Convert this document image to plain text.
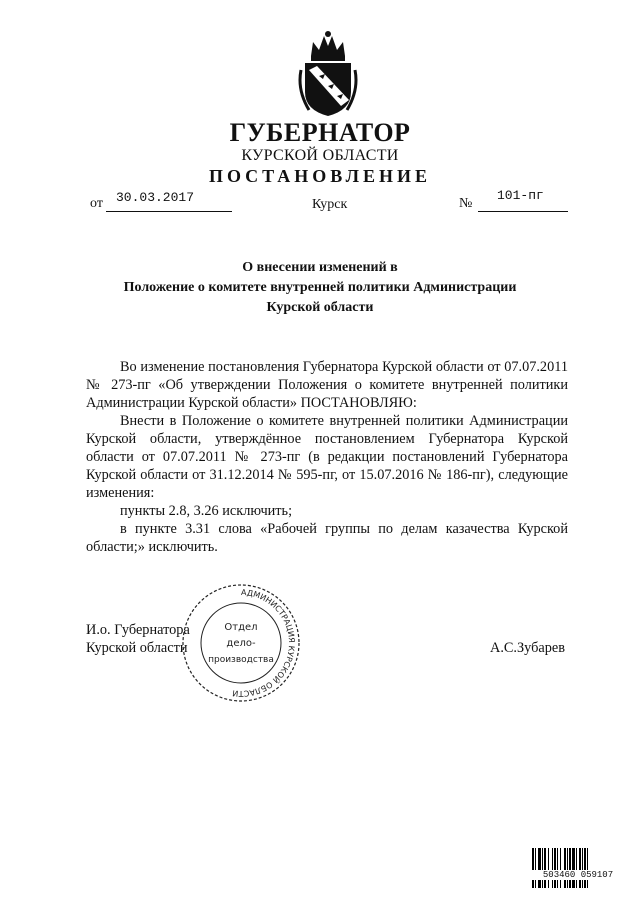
ГУБЕРНАТОР
КУРСКОЙ ОБЛАСТИ
ПОСТАНОВЛЕНИЕ
от 30.03.2017	Курск	№
101-пг
О внесении изменений в
Положение о комитете внутренней политики Администрации
Курской области

Во изменение постановления Губернатора Курской области от 07.07.2011 № 273-пг «Об утверждении Положения о комитете внутренней политики Администрации Курской области» ПОСТАНОВЛЯЮ:

Внести в Положение о комитете внутренней политики Администрации Курской области, утверждённое постановлением Губернатора Курской области от 07.07.2011 № 273-пг (в редакции постановлений Губернатора Курской области от 31.12.2014 № 595-пг, от 15.07.2016 № 186-пг), следующие изменения:

пункты 2.8, 3.26 исключить;

в пункте 3.31 слова «Рабочей группы по делам казачества Курской области;» исключить.

И.о. Губернатора
Курской области	А.С.Зубарев
АДМИНИСТРАЦИЯ КУРСКОЙ ОБЛАСТИ
Отдел
дело-
производства
503460 059107
